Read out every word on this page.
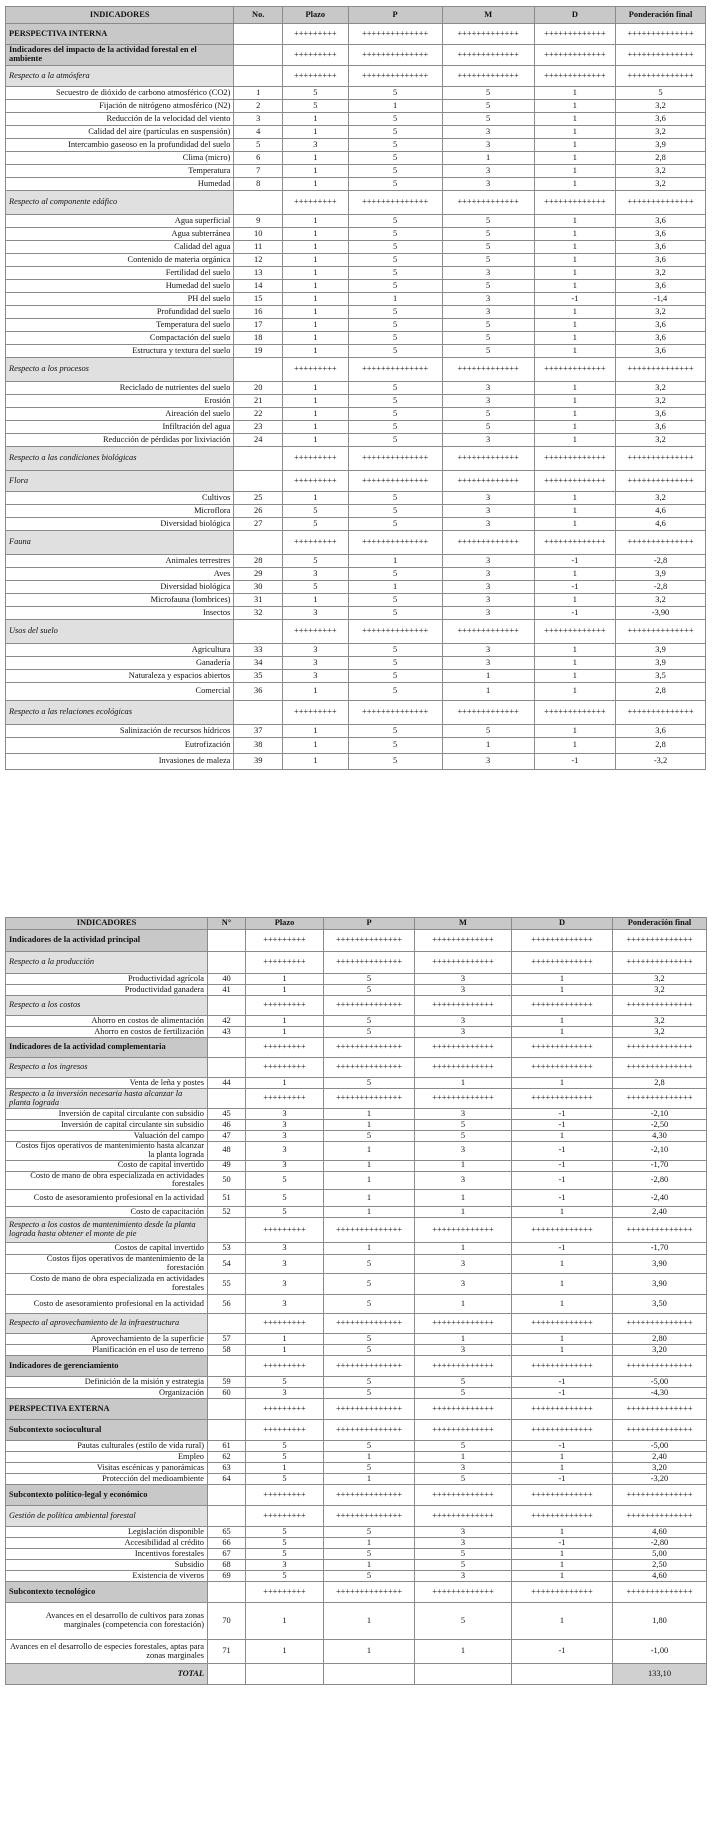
INDICADORES	No.	Plazo	P	M	D	Ponderación final
PERSPECTIVA INTERNA		+++++++++	++++++++++++++	+++++++++++++	+++++++++++++	++++++++++++++
Indicadores del impacto de la actividad forestal en el ambiente		+++++++++	++++++++++++++	+++++++++++++	+++++++++++++	++++++++++++++
Respecto a la atmósfera		+++++++++	++++++++++++++	+++++++++++++	+++++++++++++	++++++++++++++
Secuestro de dióxido de carbono atmosférico (CO2)	1	5	5	5	1	5
Fijación de nitrógeno atmosférico (N2)	2	5	1	5	1	3,2
Reducción de la velocidad del viento	3	1	5	5	1	3,6
Calidad del aire (partículas en suspensión)	4	1	5	3	1	3,2
Intercambio gaseoso en la profundidad del suelo	5	3	5	3	1	3,9
Clima (micro)	6	1	5	1	1	2,8
Temperatura	7	1	5	3	1	3,2
Humedad	8	1	5	3	1	3,2
Respecto al componente edáfico		+++++++++	++++++++++++++	+++++++++++++	+++++++++++++	++++++++++++++
Agua superficial	9	1	5	5	1	3,6
Agua subterránea	10	1	5	5	1	3,6
Calidad del agua	11	1	5	5	1	3,6
Contenido de materia orgánica	12	1	5	5	1	3,6
Fertilidad del suelo	13	1	5	3	1	3,2
Humedad del suelo	14	1	5	5	1	3,6
PH del suelo	15	1	1	3	-1	-1,4
Profundidad del suelo	16	1	5	3	1	3,2
Temperatura del suelo	17	1	5	5	1	3,6
Compactación del suelo	18	1	5	5	1	3,6
Estructura y textura del suelo	19	1	5	5	1	3,6
Respecto a los procesos		+++++++++	++++++++++++++	+++++++++++++	+++++++++++++	++++++++++++++
Reciclado de nutrientes del suelo	20	1	5	3	1	3,2
Erosión	21	1	5	3	1	3,2
Aireación del suelo	22	1	5	5	1	3,6
Infiltración del agua	23	1	5	5	1	3,6
Reducción de pérdidas por lixiviación	24	1	5	3	1	3,2
Respecto a las condiciones biológicas		+++++++++	++++++++++++++	+++++++++++++	+++++++++++++	++++++++++++++
Flora		+++++++++	++++++++++++++	+++++++++++++	+++++++++++++	++++++++++++++
Cultivos	25	1	5	3	1	3,2
Microflora	26	5	5	3	1	4,6
Diversidad biológica	27	5	5	3	1	4,6
Fauna		+++++++++	++++++++++++++	+++++++++++++	+++++++++++++	++++++++++++++
Animales terrestres	28	5	1	3	-1	-2,8
Aves	29	3	5	3	1	3,9
Diversidad biológica	30	5	1	3	-1	-2,8
Microfauna (lombrices)	31	1	5	3	1	3,2
Insectos	32	3	5	3	-1	-3,90
Usos del suelo		+++++++++	++++++++++++++	+++++++++++++	+++++++++++++	++++++++++++++
Agricultura	33	3	5	3	1	3,9
Ganadería	34	3	5	3	1	3,9
Naturaleza y espacios abiertos	35	3	5	1	1	3,5
Comercial	36	1	5	1	1	2,8
Respecto a las relaciones ecológicas		+++++++++	++++++++++++++	+++++++++++++	+++++++++++++	++++++++++++++
Salinización de recursos hídricos	37	1	5	5	1	3,6
Eutrofización	38	1	5	1	1	2,8
Invasiones de maleza	39	1	5	3	-1	-3,2
INDICADORES	N°	Plazo	P	M	D	Ponderación final
Indicadores de la actividad principal		+++++++++	++++++++++++++	+++++++++++++	+++++++++++++	++++++++++++++
Respecto a la producción		+++++++++	++++++++++++++	+++++++++++++	+++++++++++++	++++++++++++++
Productividad agrícola	40	1	5	3	1	3,2
Productividad ganadera	41	1	5	3	1	3,2
Respecto a los costos		+++++++++	++++++++++++++	+++++++++++++	+++++++++++++	++++++++++++++
Ahorro en costos de alimentación	42	1	5	3	1	3,2
Ahorro en costos de fertilización	43	1	5	3	1	3,2
Indicadores de la actividad complementaria		+++++++++	++++++++++++++	+++++++++++++	+++++++++++++	++++++++++++++
Respecto a los ingresos		+++++++++	++++++++++++++	+++++++++++++	+++++++++++++	++++++++++++++
Venta de leña y postes	44	1	5	1	1	2,8
Respecto a la inversión necesaria hasta alcanzar la planta lograda		+++++++++	++++++++++++++	+++++++++++++	+++++++++++++	++++++++++++++
Inversión de capital circulante con subsidio	45	3	1	3	-1	-2,10
Inversión de capital circulante sin subsidio	46	3	1	5	-1	-2,50
Valuación del campo	47	3	5	5	1	4,30
Costos fijos operativos de mantenimiento hasta alcanzar la planta lograda	48	3	1	3	-1	-2,10
Costo de capital invertido	49	3	1	1	-1	-1,70
Costo de mano de obra especializada en actividades forestales	50	5	1	3	-1	-2,80
Costo de asesoramiento profesional en la actividad	51	5	1	1	-1	-2,40
Costo de capacitación	52	5	1	1	1	2,40
Respecto a los costos de mantenimiento desde la planta lograda hasta obtener el monte de pie		+++++++++	++++++++++++++	+++++++++++++	+++++++++++++	++++++++++++++
Costos de capital invertido	53	3	1	1	-1	-1,70
Costos fijos operativos de mantenimiento de la forestación	54	3	5	3	1	3,90
Costo de mano de obra especializada en actividades forestales	55	3	5	3	1	3,90
Costo de asesoramiento profesional en la actividad	56	3	5	1	1	3,50
Respecto al aprovechamiento de la infraestructura		+++++++++	++++++++++++++	+++++++++++++	+++++++++++++	++++++++++++++
Aprovechamiento de la superficie	57	1	5	1	1	2,80
Planificación en el uso de terreno	58	1	5	3	1	3,20
Indicadores de gerenciamiento		+++++++++	++++++++++++++	+++++++++++++	+++++++++++++	++++++++++++++
Definición de la misión y estrategia	59	5	5	5	-1	-5,00
Organización	60	3	5	5	-1	-4,30
PERSPECTIVA EXTERNA		+++++++++	++++++++++++++	+++++++++++++	+++++++++++++	++++++++++++++
Subcontexto sociocultural		+++++++++	++++++++++++++	+++++++++++++	+++++++++++++	++++++++++++++
Pautas culturales (estilo de vida rural)	61	5	5	5	-1	-5,00
Empleo	62	5	1	1	1	2,40
Visitas escénicas y panorámicas	63	1	5	3	1	3,20
Protección del medioambiente	64	5	1	5	-1	-3,20
Subcontexto político-legal y económico		+++++++++	++++++++++++++	+++++++++++++	+++++++++++++	++++++++++++++
Gestión de política ambiental forestal		+++++++++	++++++++++++++	+++++++++++++	+++++++++++++	++++++++++++++
Legislación disponible	65	5	5	3	1	4,60
Accesibilidad al crédito	66	5	1	3	-1	-2,80
Incentivos forestales	67	5	5	5	1	5,00
Subsidio	68	3	1	5	1	2,50
Existencia de viveros	69	5	5	3	1	4,60
Subcontexto tecnológico		+++++++++	++++++++++++++	+++++++++++++	+++++++++++++	++++++++++++++
Avances en el desarrollo de cultivos para zonas marginales (competencia con forestación)	70	1	1	5	1	1,80
Avances en el desarrollo de especies forestales, aptas para zonas marginales	71	1	1	1	-1	-1,00
TOTAL						133,10
